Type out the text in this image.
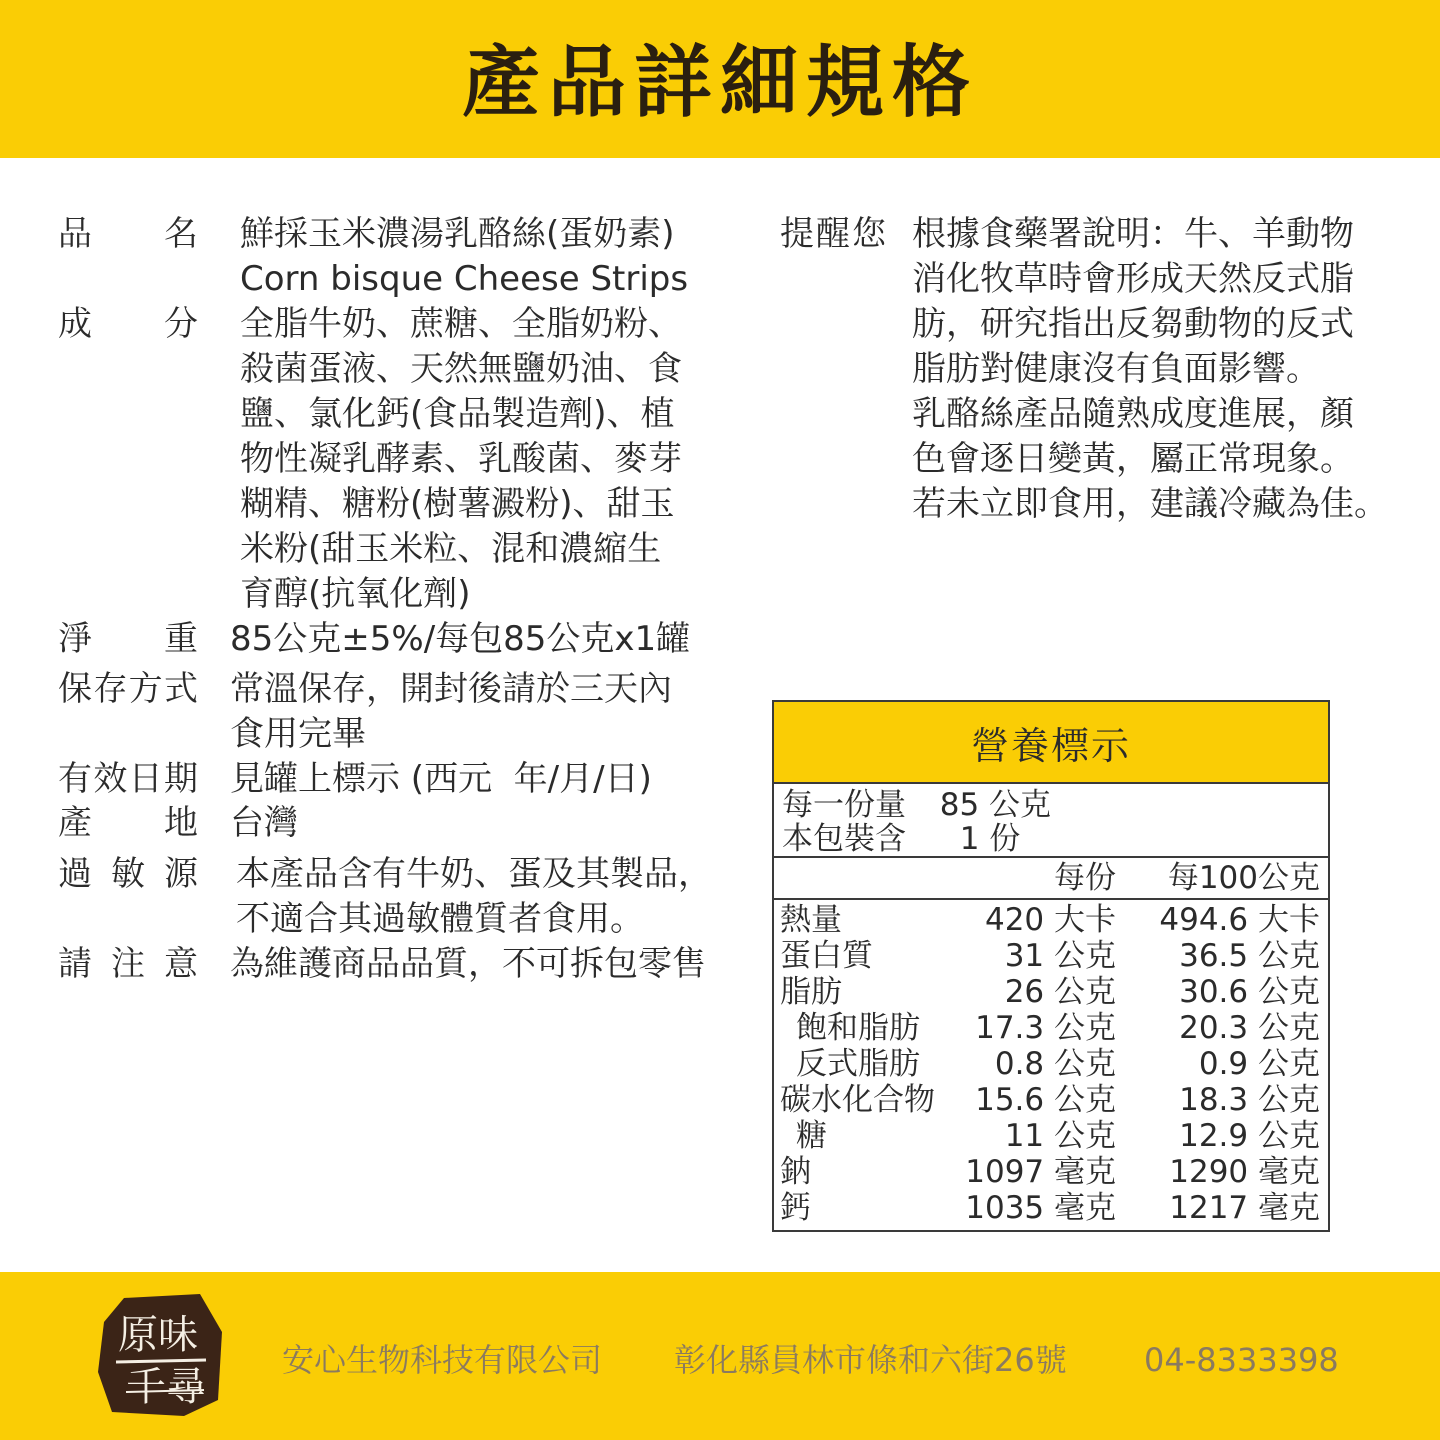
產品詳細規格
品 名 鮮採玉米濃湯乳酪絲(蛋奶素)
Corn bisque Cheese Strips
成 分 全脂牛奶、蔗糖、全脂奶粉、
殺菌蛋液、天然無鹽奶油、食
鹽、氯化鈣(食品製造劑)、植
物性凝乳酵素、乳酸菌、麥芽
糊精、糖粉(樹薯澱粉)、甜玉
米粉(甜玉米粒、混和濃縮生
育醇(抗氧化劑)
淨 重 85公克±5%/每包85公克x1罐
保 存 方 式 常溫保存，開封後請於三天內
食用完畢
有 效 日 期 見罐上標示 (西元  年/月/日)
產 地 台灣
過 敏 源 本產品含有牛奶、蛋及其製品，
不適合其過敏體質者食用。
請 注 意 為維護商品品質，不可拆包零售
提醒您 根據食藥署說明：牛、羊動物
消化牧草時會形成天然反式脂
肪，研究指出反芻動物的反式
脂肪對健康沒有負面影響。
乳酪絲產品隨熟成度進展，顏
色會逐日變黃，屬正常現象。
若未立即食用，建議冷藏為佳。
營養標示
每一份量 85 公克
本包裝含 1 份
每份 每100公克
熱量	420 大卡 494.6 大卡
蛋白質	31 公克 36.5 公克
脂肪	26 公克 30.6 公克
飽和脂肪 17.3 公克 20.3 公克
反式脂肪 0.8 公克	0.9 公克
碳水化合物 15.6 公克 18.3 公克
糖	11 公克 12.9 公克
鈉	1097 毫克 1290 毫克
鈣	1035 毫克 1217 毫克
原味
千尋
安心生物科技有限公司 彰化縣員林市條和六街26號 04-8333398
